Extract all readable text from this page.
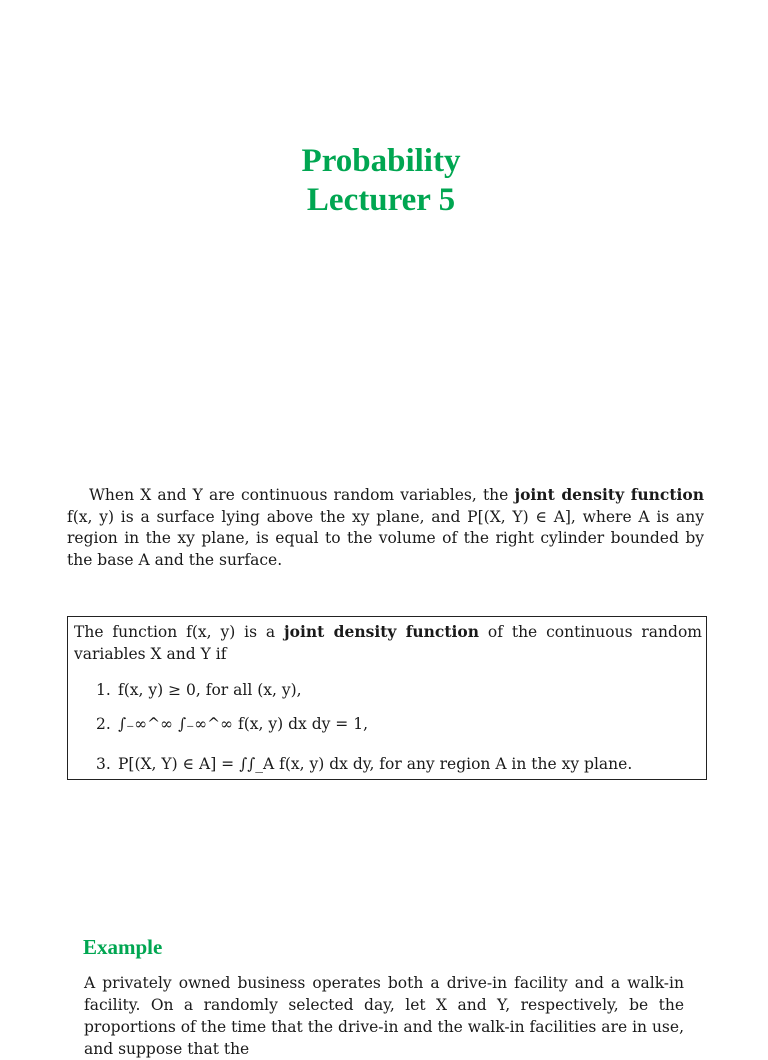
Probability
Lecturer 5

When X and Y are continuous random variables, the joint density function f(x, y) is a surface lying above the xy plane, and P[(X, Y) ∈ A], where A is any region in the xy plane, is equal to the volume of the right cylinder bounded by the base A and the surface.

The function f(x, y) is a joint density function of the continuous random variables X and Y if
1. f(x, y) ≥ 0, for all (x, y),
2. ∫₋∞^∞ ∫₋∞^∞ f(x, y) dx dy = 1,
3. P[(X, Y) ∈ A] = ∫∫_A f(x, y) dx dy, for any region A in the xy plane.
Example

A privately owned business operates both a drive-in facility and a walk-in facility. On a randomly selected day, let X and Y, respectively, be the proportions of the time that the drive-in and the walk-in facilities are in use, and suppose that the
